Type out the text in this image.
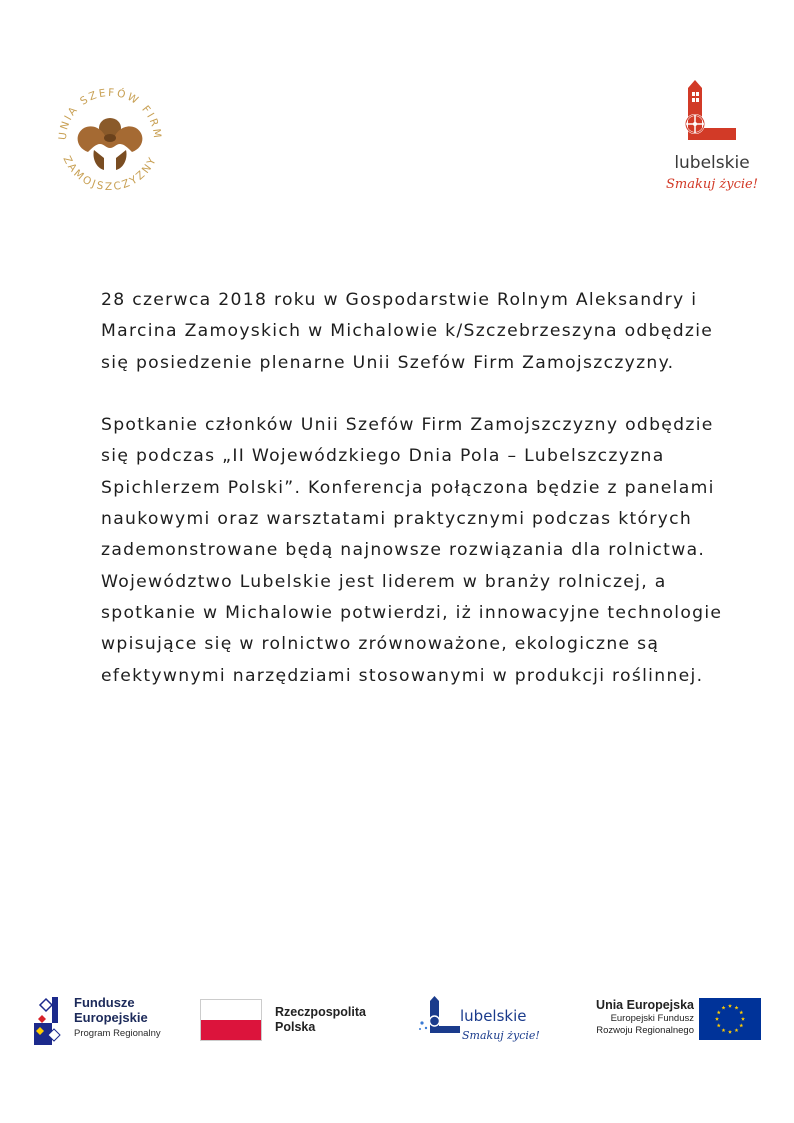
UNIA SZEFÓW FIRM
ZAMOJSZCZYZNY	lubelskie
Smakuj życie!

28 czerwca 2018 roku w Gospodarstwie Rolnym Aleksandry i Marcina Zamoyskich w Michalowie k/Szczebrzeszyna odbędzie się posiedzenie plenarne Unii Szefów Firm Zamojszczyzny.

Spotkanie członków Unii Szefów Firm Zamojszczyzny odbędzie się podczas „II Wojewódzkiego Dnia Pola – Lubelszczyzna Spichlerzem Polski”. Konferencja połączona będzie z panelami naukowymi oraz warsztatami praktycznymi podczas których zademonstrowane będą najnowsze rozwiązania dla rolnictwa. Województwo Lubelskie jest liderem w branży rolniczej, a spotkanie w Michalowie potwierdzi, iż innowacyjne technologie wpisujące się w rolnictwo zrównoważone, ekologiczne są efektywnymi narzędziami stosowanymi w produkcji roślinnej.

Fundusze
Europejskie
Program Regionalny
Rzeczpospolita
Polska
lubelskie
Smakuj życie!
Unia Europejska
Europejski Fundusz
Rozwoju Regionalnego
